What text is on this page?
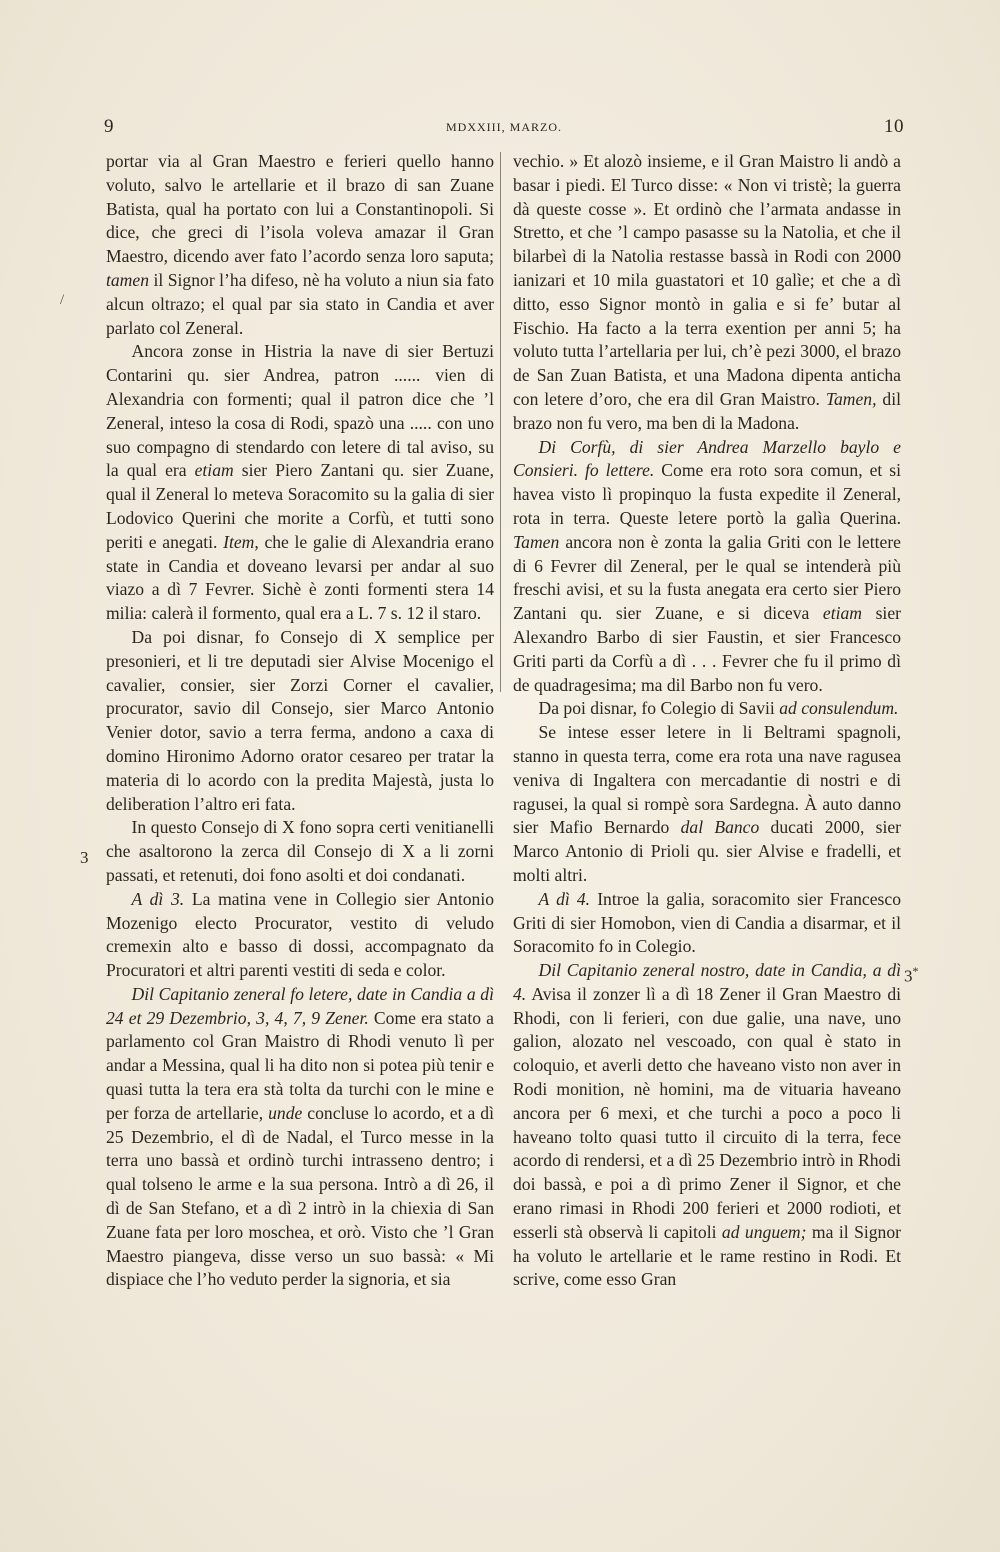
9	MDXXIII, MARZO.	10
/

portar via al Gran Maestro e ferieri quello hanno voluto, salvo le artellarie et il brazo di san Zuane Batista, qual ha portato con lui a Constantinopoli. Si dice, che greci di l’isola voleva amazar il Gran Maestro, dicendo aver fato l’acordo senza loro saputa; tamen il Signor l’ha difeso, nè ha voluto a niun sia fato alcun oltrazo; el qual par sia stato in Candia et aver parlato col Zeneral.

Ancora zonse in Histria la nave di sier Bertuzi Contarini qu. sier Andrea, patron ...... vien di Alexandria con formenti; qual il patron dice che ’l Zeneral, inteso la cosa di Rodi, spazò una ..... con uno suo compagno di stendardo con letere di tal aviso, su la qual era etiam sier Piero Zantani qu. sier Zuane, qual il Zeneral lo meteva Soracomito su la galia di sier Lodovico Querini che morite a Corfù, et tutti sono periti e anegati. Item, che le galie di Alexandria erano state in Candia et doveano levarsi per andar al suo viazo a dì 7 Fevrer. Sichè è zonti formenti stera 14 milia: calerà il formento, qual era a L. 7 s. 12 il staro.

Da poi disnar, fo Consejo di X semplice per presonieri, et li tre deputadi sier Alvise Mocenigo el cavalier, consier, sier Zorzi Corner el cavalier, procurator, savio dil Consejo, sier Marco Antonio Venier dotor, savio a terra ferma, andono a caxa di domino Hironimo Adorno orator cesareo per tratar la materia di lo acordo con la predita Majestà, justa lo deliberation l’altro eri fata.

In questo Consejo di X fono sopra certi venitianelli che asaltorono la zerca dil Consejo di X a li zorni passati, et retenuti, doi fono asolti et doi condanati.

A dì 3. La matina vene in Collegio sier Antonio Mozenigo electo Procurator, vestito di veludo cremexin alto e basso di dossi, accompagnato da Procuratori et altri parenti vestiti di seda e color.

Dil Capitanio zeneral fo letere, date in Candia a dì 24 et 29 Dezembrio, 3, 4, 7, 9 Zener. Come era stato a parlamento col Gran Maistro di Rhodi venuto lì per andar a Messina, qual li ha dito non si potea più tenir e quasi tutta la tera era stà tolta da turchi con le mine e per forza de artellarie, unde concluse lo acordo, et a dì 25 Dezembrio, el dì de Nadal, el Turco messe in la terra uno bassà et ordinò turchi intrasseno dentro; i qual tolseno le arme e la sua persona. Intrò a dì 26, il dì de San Stefano, et a dì 2 intrò in la chiexia di San Zuane fata per loro moschea, et orò. Visto che ’l Gran Maestro piangeva, disse verso un suo bassà: « Mi dispiace che l’ho veduto perder la signoria, et sia

vechio. » Et alozò insieme, e il Gran Maistro li andò a basar i piedi. El Turco disse: « Non vi tristè; la guerra dà queste cosse ». Et ordinò che l’armata andasse in Stretto, et che ’l campo pasasse su la Natolia, et che il bilarbeì di la Natolia restasse bassà in Rodi con 2000 ianizari et 10 mila guastatori et 10 galìe; et che a dì ditto, esso Signor montò in galia e si fe’ butar al Fischio. Ha facto a la terra exention per anni 5; ha voluto tutta l’artellaria per lui, ch’è pezi 3000, el brazo de San Zuan Batista, et una Madona dipenta antichа con letere d’oro, che era dil Gran Maistro. Tamen, dil brazo non fu vero, ma ben di la Madona.

Di Corfù, di sier Andrea Marzello baylo e Consieri. fo lettere. Come era roto sora comun, et si havea visto lì propinquo la fusta expedite il Zeneral, rota in terra. Queste letere portò la galìa Querina. Tamen ancora non è zonta la galia Griti con le lettere di 6 Fevrer dil Zeneral, per le qual se intenderà più freschi avisi, et su la fusta anegata era certo sier Piero Zantani qu. sier Zuane, e si diceva etiam sier Alexandro Barbo di sier Faustin, et sier Francesco Griti parti da Corfù a dì . . . Fevrer che fu il primo dì de quadragesima; ma dil Barbo non fu vero.

Da poi disnar, fo Colegio di Savii ad consulendum.

Se intese esser letere in li Beltrami spagnoli, stanno in questa terra, come era rota una nave ragusea veniva di Ingaltera con mercadantie di nostri e di ragusei, la qual si rompè sora Sardegna. À auto danno sier Mafio Bernardo dal Banco ducati 2000, sier Marco Antonio di Prioli qu. sier Alvise e fradelli, et molti altri.

A dì 4. Introe la galia, soracomito sier Francesco Griti di sier Homobon, vien di Candia a disarmar, et il Soracomito fo in Colegio.

Dil Capitanio zeneral nostro, date in Candia, a dì 4. Avisa il zonzer lì a dì 18 Zener il Gran Maestro di Rhodi, con li ferieri, con due galie, una nave, uno galion, alozato nel vescoado, con qual è stato in coloquio, et averli detto che haveano visto non aver in Rodi monition, nè homini, ma de vituaria haveano ancora per 6 mexi, et che turchi a poco a poco li haveano tolto quasi tutto il circuito di la terra, fece acordo di rendersi, et a dì 25 Dezembrio intrò in Rhodi doi bassà, e poi a dì primo Zener il Signor, et che erano rimasi in Rhodi 200 ferieri et 2000 rodioti, et esserli stà observà li capitoli ad unguem; ma il Signor ha voluto le artellarie et le rame restino in Rodi. Et scrive, come esso Gran

3
3*
